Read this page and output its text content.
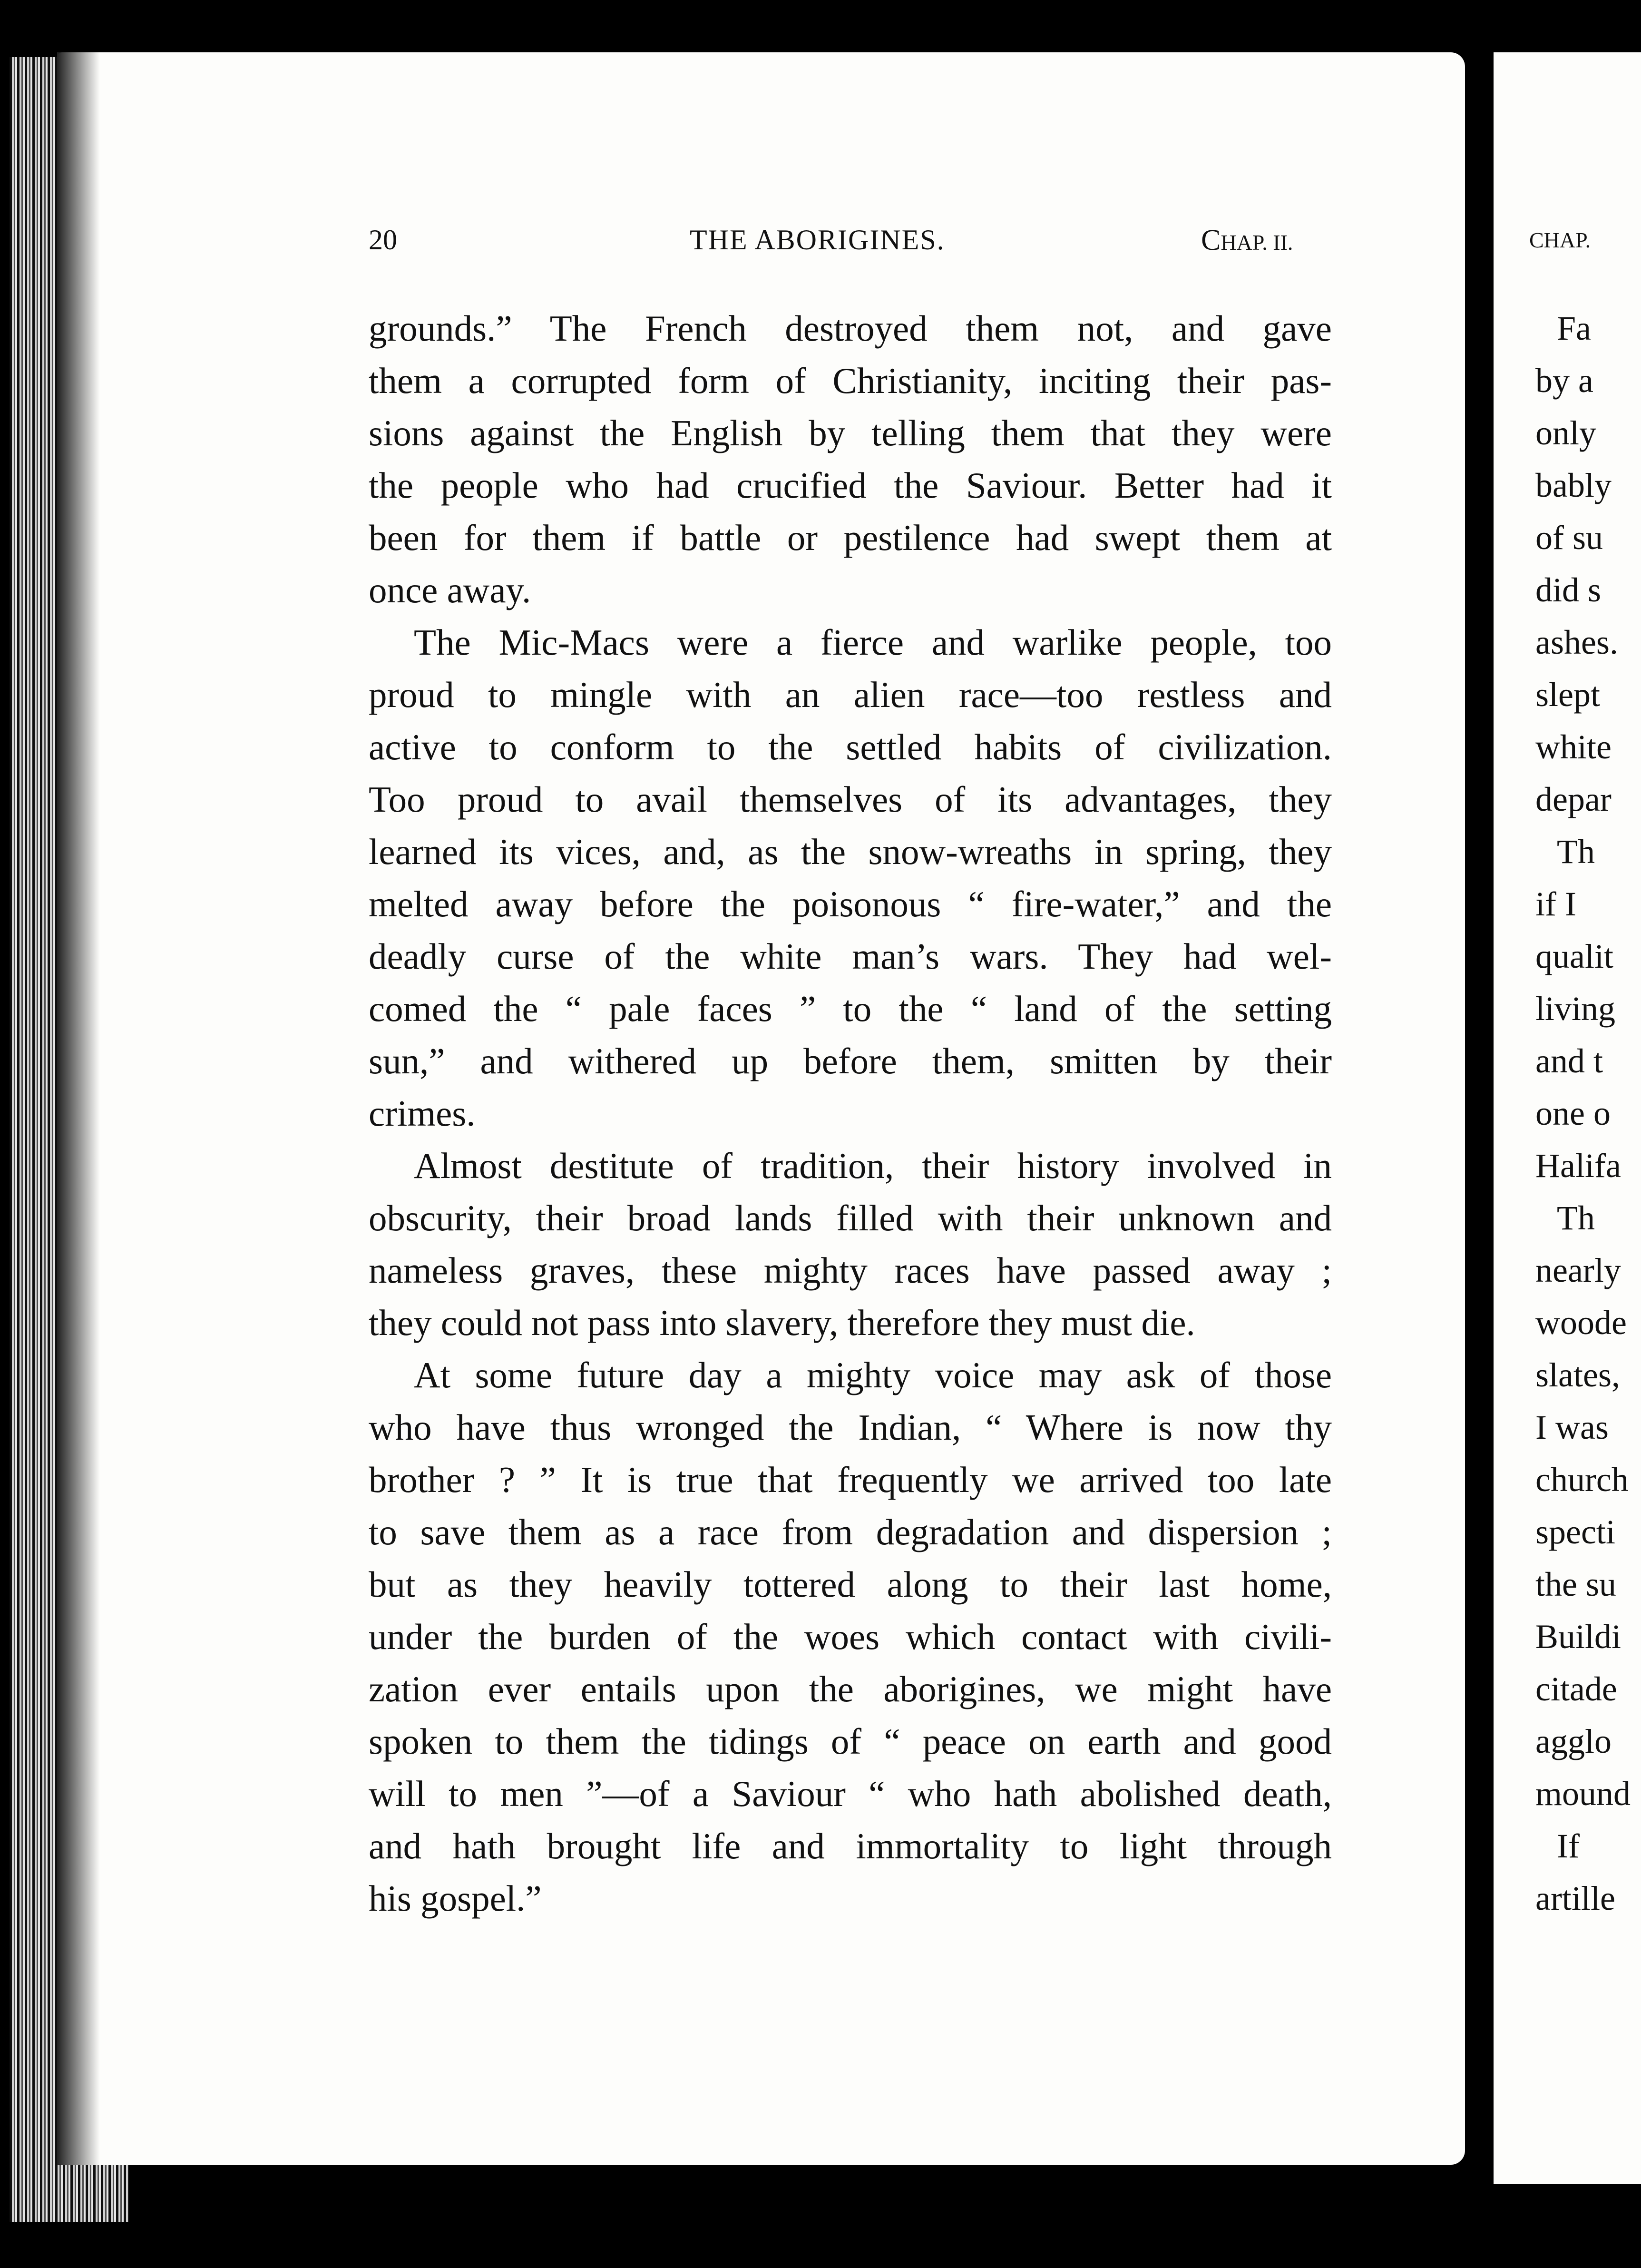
20	THE ABORIGINES.	CHAP. II.	CHAP.
grounds.” The French destroyed them not, and gave
them a corrupted form of Christianity, inciting their pas-
sions against the English by telling them that they were
the people who had crucified the Saviour. Better had it
been for them if battle or pestilence had swept them at
once away.
The Mic-Macs were a fierce and warlike people, too
proud to mingle with an alien race—too restless and
active to conform to the settled habits of civilization.
Too proud to avail themselves of its advantages, they
learned its vices, and, as the snow-wreaths in spring, they
melted away before the poisonous “ fire-water,” and the
deadly curse of the white man’s wars. They had wel-
comed the “ pale faces ” to the “ land of the setting
sun,” and withered up before them, smitten by their
crimes.
Almost destitute of tradition, their history involved in
obscurity, their broad lands filled with their unknown and
nameless graves, these mighty races have passed away ;
they could not pass into slavery, therefore they must die.
At some future day a mighty voice may ask of those
who have thus wronged the Indian, “ Where is now thy
brother ? ” It is true that frequently we arrived too late
to save them as a race from degradation and dispersion ;
but as they heavily tottered along to their last home,
under the burden of the woes which contact with civili-
zation ever entails upon the aborigines, we might have
spoken to them the tidings of “ peace on earth and good
will to men ”—of a Saviour “ who hath abolished death,
and hath brought life and immortality to light through
his gospel.”
Fa
by a
only
bably
of su
did s
ashes.
slept
white
depar
Th
if I
qualit
living
and t
one o
Halifa
Th
nearly
woode
slates,
I was
church
specti
the su
Buildi
citade
agglo
mound
If
artille
